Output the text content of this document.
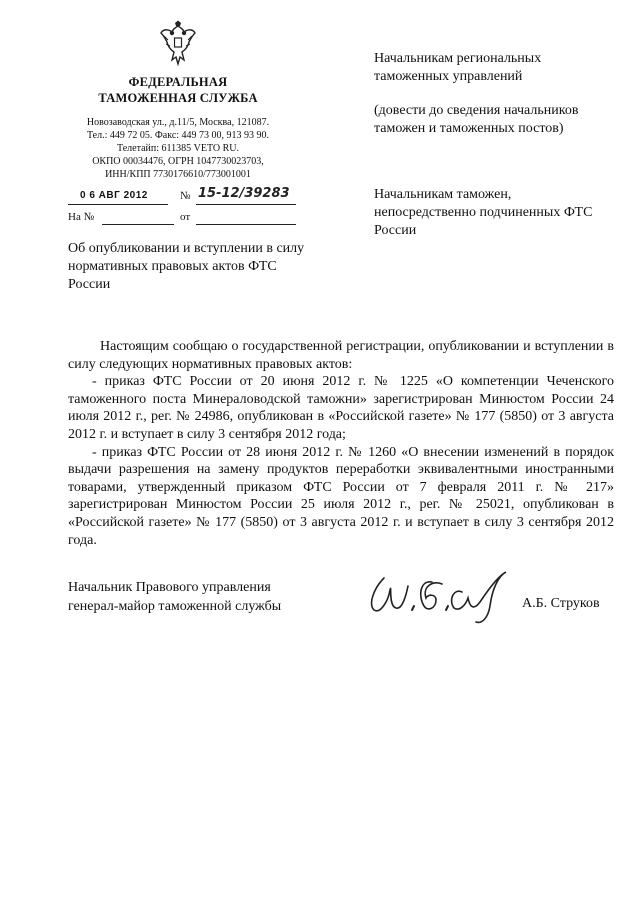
ФЕДЕРАЛЬНАЯ
ТАМОЖЕННАЯ СЛУЖБА
Новозаводская ул., д.11/5, Москва, 121087.
Тел.: 449 72 05. Факс: 449 73 00, 913 93 90.
Телетайп: 611385 VETO RU.
ОКПО 00034476, ОГРН 1047730023703,
ИНН/КПП 7730176610/773001001
0 6 АВГ 2012	№ 15-12/39283
На №	от
Об опубликовании и вступлении в силу нормативных правовых актов ФТС России
Начальникам региональных таможенных управлений
(довести до сведения начальников таможен и таможенных постов)
Начальникам таможен, непосредственно подчиненных ФТС России

Настоящим сообщаю о государственной регистрации, опубликовании и вступлении в силу следующих нормативных правовых актов:

- приказ ФТС России от 20 июня 2012 г. № 1225 «О компетенции Чеченского таможенного поста Минераловодской таможни» зарегистрирован Минюстом России 24 июля 2012 г., рег. № 24986, опубликован в «Российской газете» № 177 (5850) от 3 августа 2012 г. и вступает в силу 3 сентября 2012 года;

- приказ ФТС России от 28 июня 2012 г. № 1260 «О внесении изменений в порядок выдачи разрешения на замену продуктов переработки эквивалентными иностранными товарами, утвержденный приказом ФТС России от 7 февраля 2011 г. № 217» зарегистрирован Минюстом России 25 июля 2012 г., рег. № 25021, опубликован в «Российской газете» № 177 (5850) от 3 августа 2012 г. и вступает в силу 3 сентября 2012 года.

Начальник Правового управления
генерал-майор таможенной службы	А.Б. Струков
